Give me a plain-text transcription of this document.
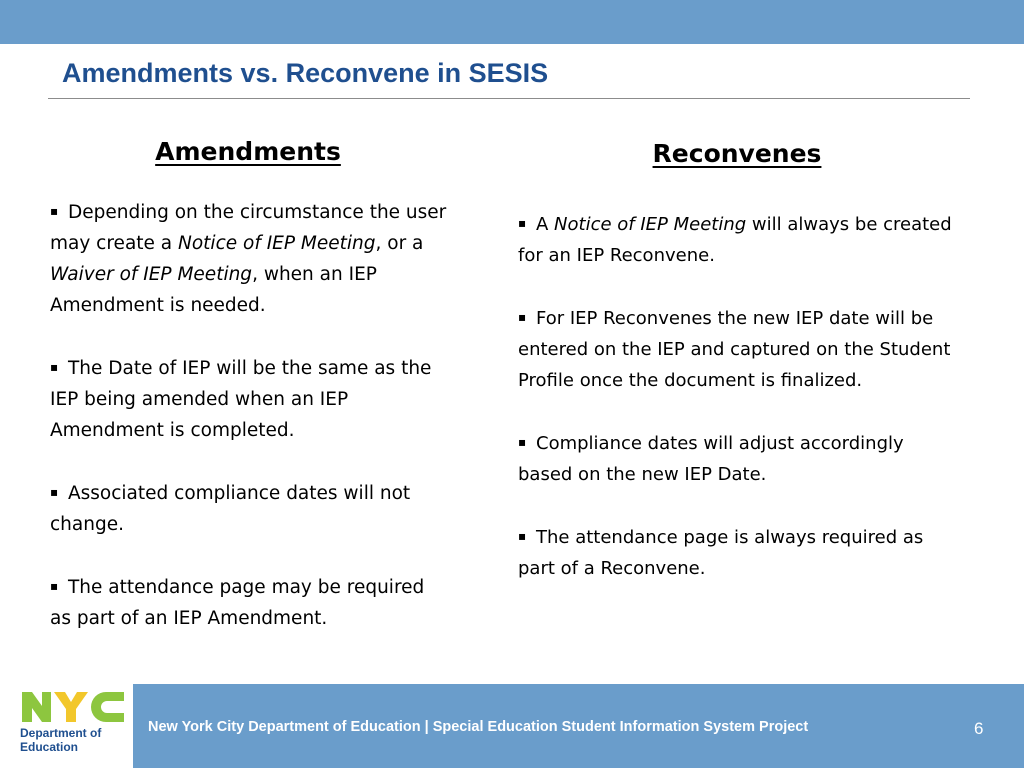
Amendments vs. Reconvene in SESIS
Amendments
▪ Depending on the circumstance the user may create a Notice of IEP Meeting, or a Waiver of IEP Meeting, when an IEP Amendment is needed.
▪ The Date of IEP will be the same as the IEP being amended when an IEP Amendment is completed.
▪ Associated compliance dates will not change.
▪ The attendance page may be required as part of an IEP Amendment.
Reconvenes
▪ A Notice of IEP Meeting will always be created for an IEP Reconvene.
▪ For IEP Reconvenes the new IEP date will be entered on the IEP and captured on the Student Profile once the document is finalized.
▪ Compliance dates will adjust accordingly based on the new IEP Date.
▪ The attendance page is always required as part of a Reconvene.
New York City Department of Education | Special Education Student Information System Project	6
Department of Education
